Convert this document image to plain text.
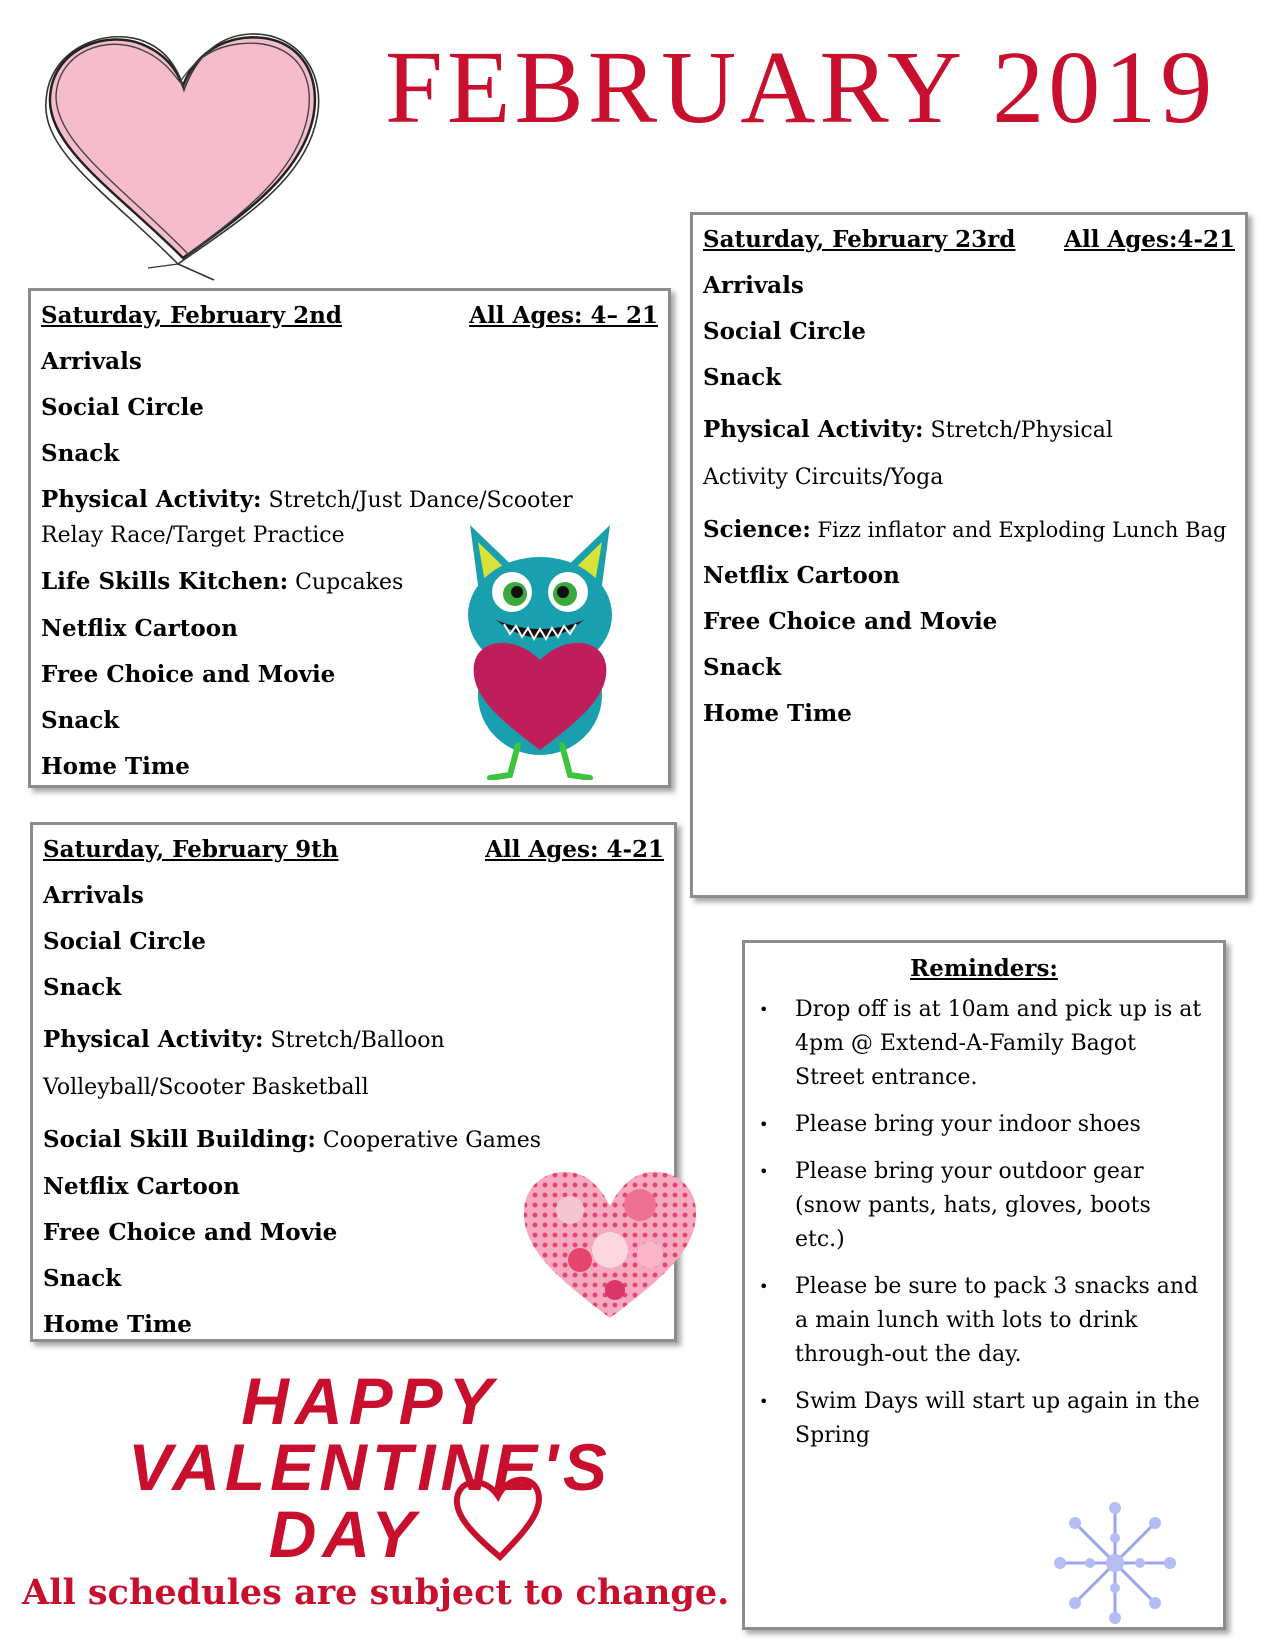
FEBRUARY 2019
Saturday, February 2nd	All Ages: 4– 21
Arrivals
Social Circle
Snack
Physical Activity: Stretch/Just Dance/Scooter Relay Race/Target Practice
Life Skills Kitchen: Cupcakes
Netflix Cartoon
Free Choice and Movie
Snack
Home Time
Saturday, February 9th	All Ages: 4-21
Arrivals
Social Circle
Snack
Physical Activity: Stretch/Balloon Volleyball/Scooter Basketball
Social Skill Building: Cooperative Games
Netflix Cartoon
Free Choice and Movie
Snack
Home Time
Saturday, February 23rd All Ages:4-21
Arrivals
Social Circle
Snack
Physical Activity: Stretch/Physical Activity Circuits/Yoga
Science: Fizz inflator and Exploding Lunch Bag
Netflix Cartoon
Free Choice and Movie
Snack
Home Time
Reminders:
• Drop off is at 10am and pick up is at 4pm @ Extend-A-Family Bagot Street entrance.
• Please bring your indoor shoes
• Please bring your outdoor gear (snow pants, hats, gloves, boots etc.)
• Please be sure to pack 3 snacks and a main lunch with lots to drink through-out the day.
• Swim Days will start up again in the Spring
HAPPY
VALENTINE'S
DAY
All schedules are subject to change.
